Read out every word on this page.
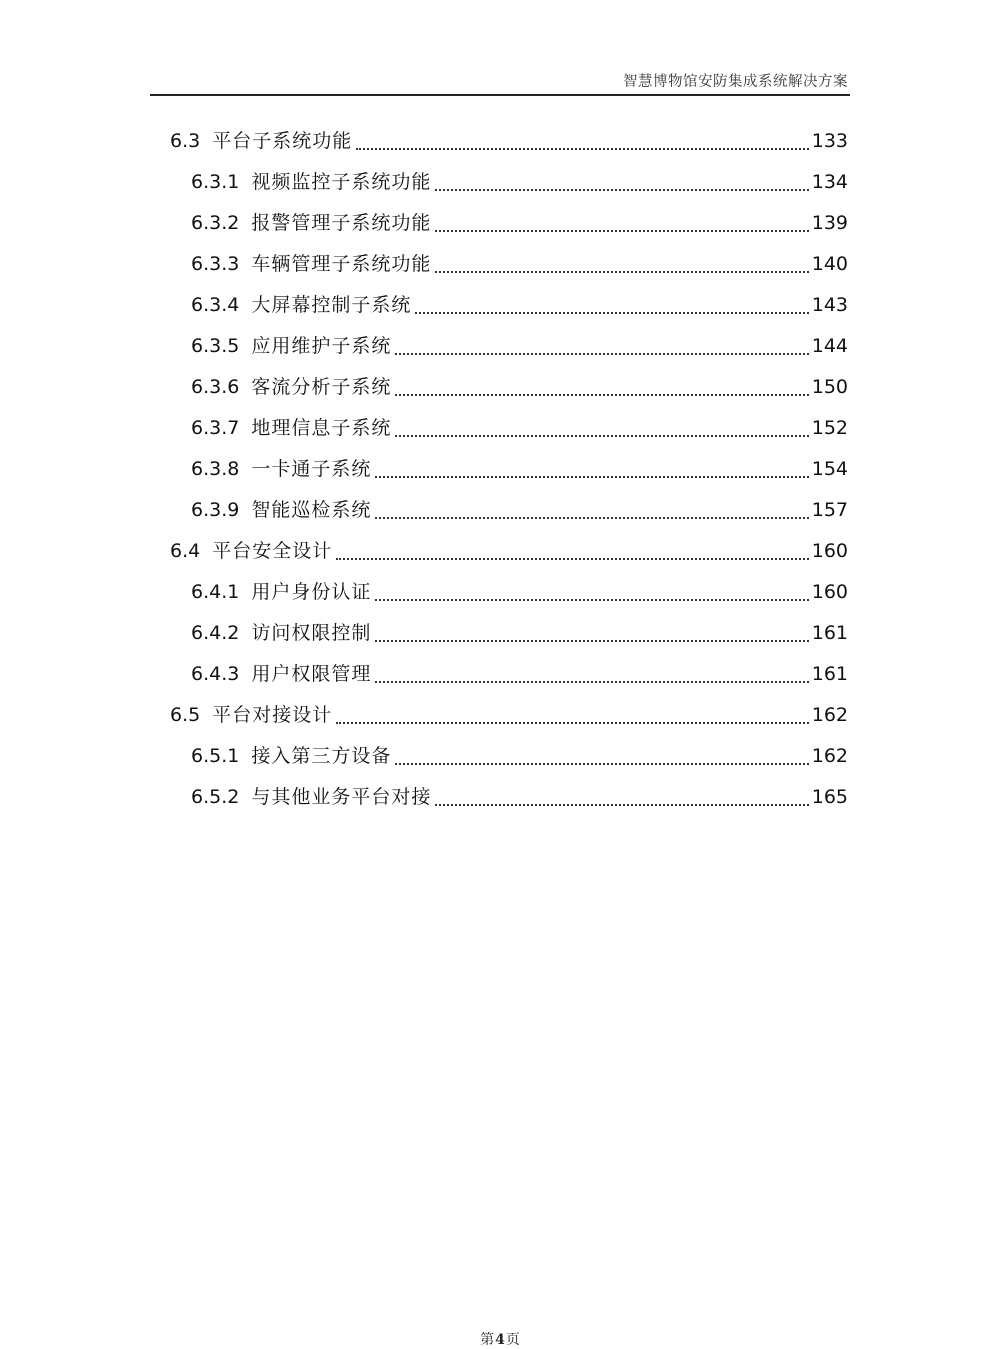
智慧博物馆安防集成系统解决方案
6.3 平台子系统功能	133
6.3.1 视频监控子系统功能	134
6.3.2 报警管理子系统功能	139
6.3.3 车辆管理子系统功能	140
6.3.4 大屏幕控制子系统	143
6.3.5 应用维护子系统	144
6.3.6 客流分析子系统	150
6.3.7 地理信息子系统	152
6.3.8 一卡通子系统	154
6.3.9 智能巡检系统	157
6.4 平台安全设计	160
6.4.1 用户身份认证	160
6.4.2 访问权限控制	161
6.4.3 用户权限管理	161
6.5 平台对接设计	162
6.5.1 接入第三方设备	162
6.5.2 与其他业务平台对接	165
第4页
